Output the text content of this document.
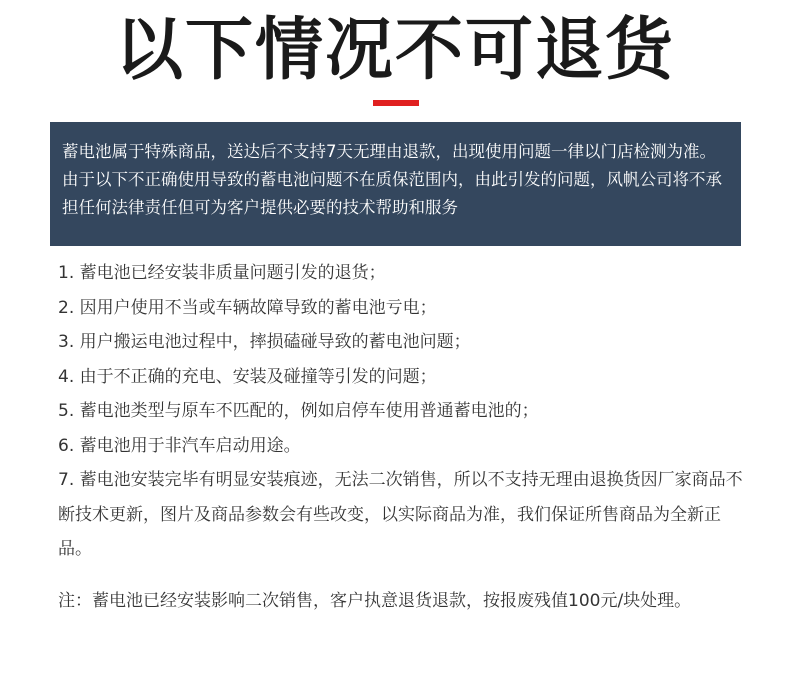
以下情况不可退货

蓄电池属于特殊商品，送达后不支持7天无理由退款，出现使用问题一律以门店检测为准。由于以下不正确使用导致的蓄电池问题不在质保范围内，由此引发的问题，风帆公司将不承担任何法律责任但可为客户提供必要的技术帮助和服务

1. 蓄电池已经安装非质量问题引发的退货；
2. 因用户使用不当或车辆故障导致的蓄电池亏电；
3. 用户搬运电池过程中，摔损磕碰导致的蓄电池问题；
4. 由于不正确的充电、安装及碰撞等引发的问题；
5. 蓄电池类型与原车不匹配的，例如启停车使用普通蓄电池的；
6. 蓄电池用于非汽车启动用途。
7. 蓄电池安装完毕有明显安装痕迹，无法二次销售，所以不支持无理由退换货因厂家商品不断技术更新，图片及商品参数会有些改变，以实际商品为准，我们保证所售商品为全新正品。

注：蓄电池已经安装影响二次销售，客户执意退货退款，按报废残值100元/块处理。
